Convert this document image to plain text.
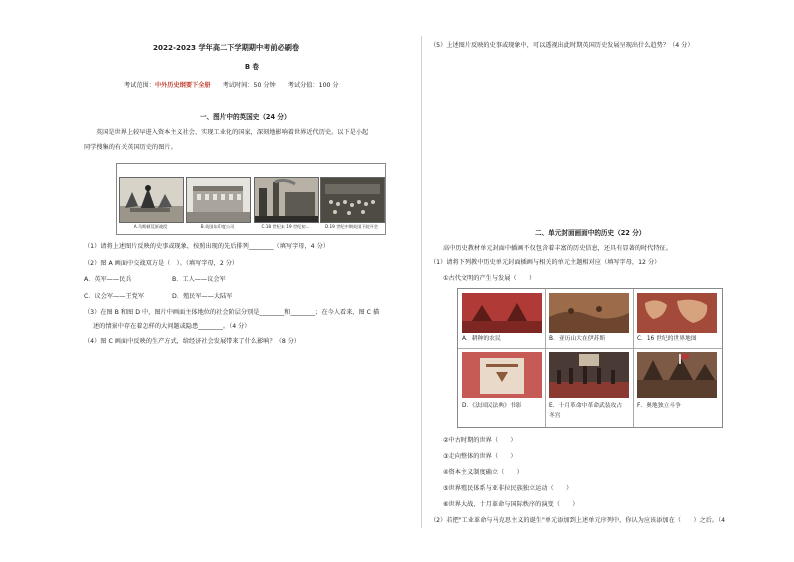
2022-2023 学年高二下学期期中考前必刷卷
B 卷
考试范围：中外历史纲要下全册 考试时间：50 分钟 考试分值：100 分
一、图片中的英国史（24 分）
英国是世界上较早进入资本主义社会、实现工业化的国家，深刻地影响着世界近代历史。以下是小起
同学搜集的有关英国历史的图片。
A.马斯顿荒原战役	B.英国东印度公司	C.18 世纪末 19 世纪初...	D.19 世纪中期英国下院开会
（1）请将上述图片反映的史事或现象，按照出现的先后排列________（填写字母，4 分）
（2）图 A 画面中交战双方是（　）。（填写字母，2 分）
A．英军——民兵	B．工人——议会军
C．议会军——王党军	D．殖民军——大陆军
（3）在图 B 和图 D 中，图片中画面主体地位的社会阶层分别是________和________；在今人看来，图 C 描
述的情景中存在着怎样的大问题或隐患________。（4 分）
（4）图 C 画面中反映的生产方式，给经济社会发展带来了什么影响？（8 分）
（5）上述图片反映的史事或现象中，可以透视出此时期英国历史发展呈现出什么趋势？（4 分）
二、单元封面画面中的历史（22 分）
高中历史教材单元封面中插画不仅包含着丰富的历史信息，还具有显著的时代特征。
（1）请将下列教中历史单元封面插画与相关的单元主题相对应（填写字母，12 分）
①古代文明的产生与发展（　　）
A．耕种的农民	B．亚历山大在伊苏斯	C．16 世纪的世界地图
D．《法国民法典》书影	E．十月革命中革命武装攻占
冬宫
F．奥地独立斗争
②中古时期的世界（　　）
③走向整体的世界（　　）
④资本主义制度确立（　　）
⑤世界殖民体系与亚非拉民族独立运动（　　）
⑥世界大战、十月革命与国际秩序的演变（　　）
（2）若把"工业革命与马克思主义的诞生"单元添加到上述单元序列中，你认为应该添加在（　　）之后。（4
